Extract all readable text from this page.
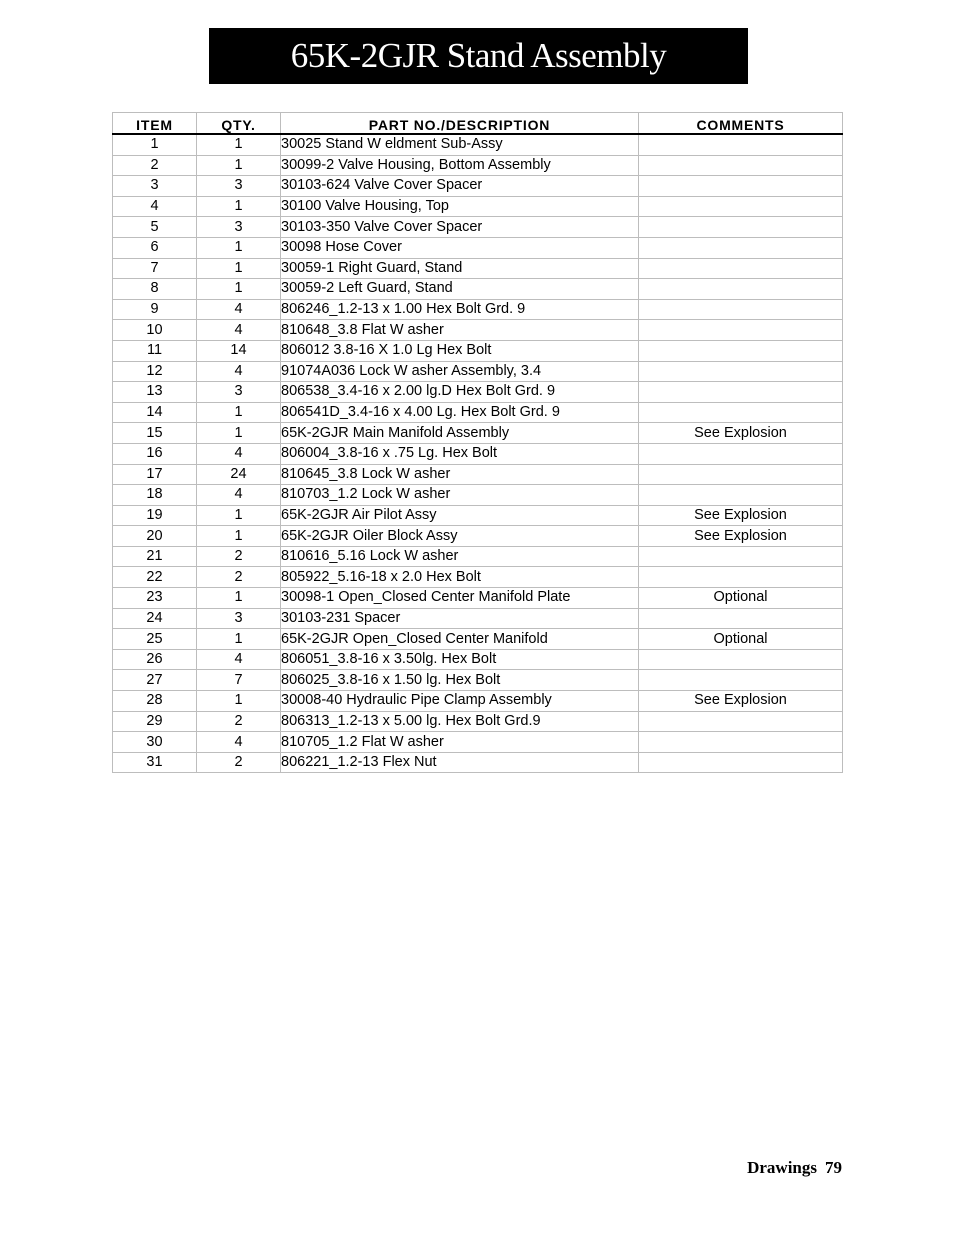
65K-2GJR Stand Assembly
ITEM	QTY.	PART NO./DESCRIPTION	COMMENTS
1	1	30025 Stand W eldment Sub-Assy	
2	1	30099-2 Valve Housing, Bottom Assembly	
3	3	30103-624 Valve Cover Spacer	
4	1	30100 Valve Housing, Top	
5	3	30103-350 Valve Cover Spacer	
6	1	30098 Hose Cover	
7	1	30059-1 Right Guard, Stand	
8	1	30059-2 Left Guard, Stand	
9	4	806246_1.2-13 x 1.00 Hex Bolt Grd. 9	
10	4	810648_3.8 Flat W asher	
11	14	806012 3.8-16 X 1.0 Lg Hex Bolt	
12	4	91074A036 Lock W asher Assembly, 3.4	
13	3	806538_3.4-16 x 2.00 lg.D Hex Bolt Grd. 9	
14	1	806541D_3.4-16 x 4.00 Lg. Hex Bolt Grd. 9	
15	1	65K-2GJR Main Manifold Assembly	See Explosion
16	4	806004_3.8-16 x .75 Lg. Hex Bolt	
17	24	810645_3.8 Lock W asher	
18	4	810703_1.2 Lock W asher	
19	1	65K-2GJR Air Pilot Assy	See Explosion
20	1	65K-2GJR Oiler Block Assy	See Explosion
21	2	810616_5.16 Lock W asher	
22	2	805922_5.16-18 x 2.0 Hex Bolt	
23	1	30098-1 Open_Closed Center Manifold Plate	Optional
24	3	30103-231 Spacer	
25	1	65K-2GJR Open_Closed Center Manifold	Optional
26	4	806051_3.8-16 x 3.50lg. Hex Bolt	
27	7	806025_3.8-16 x 1.50 lg. Hex Bolt	
28	1	30008-40 Hydraulic Pipe Clamp Assembly	See Explosion
29	2	806313_1.2-13 x 5.00 lg. Hex Bolt Grd.9	
30	4	810705_1.2 Flat W asher	
31	2	806221_1.2-13 Flex Nut	
Drawings 79
